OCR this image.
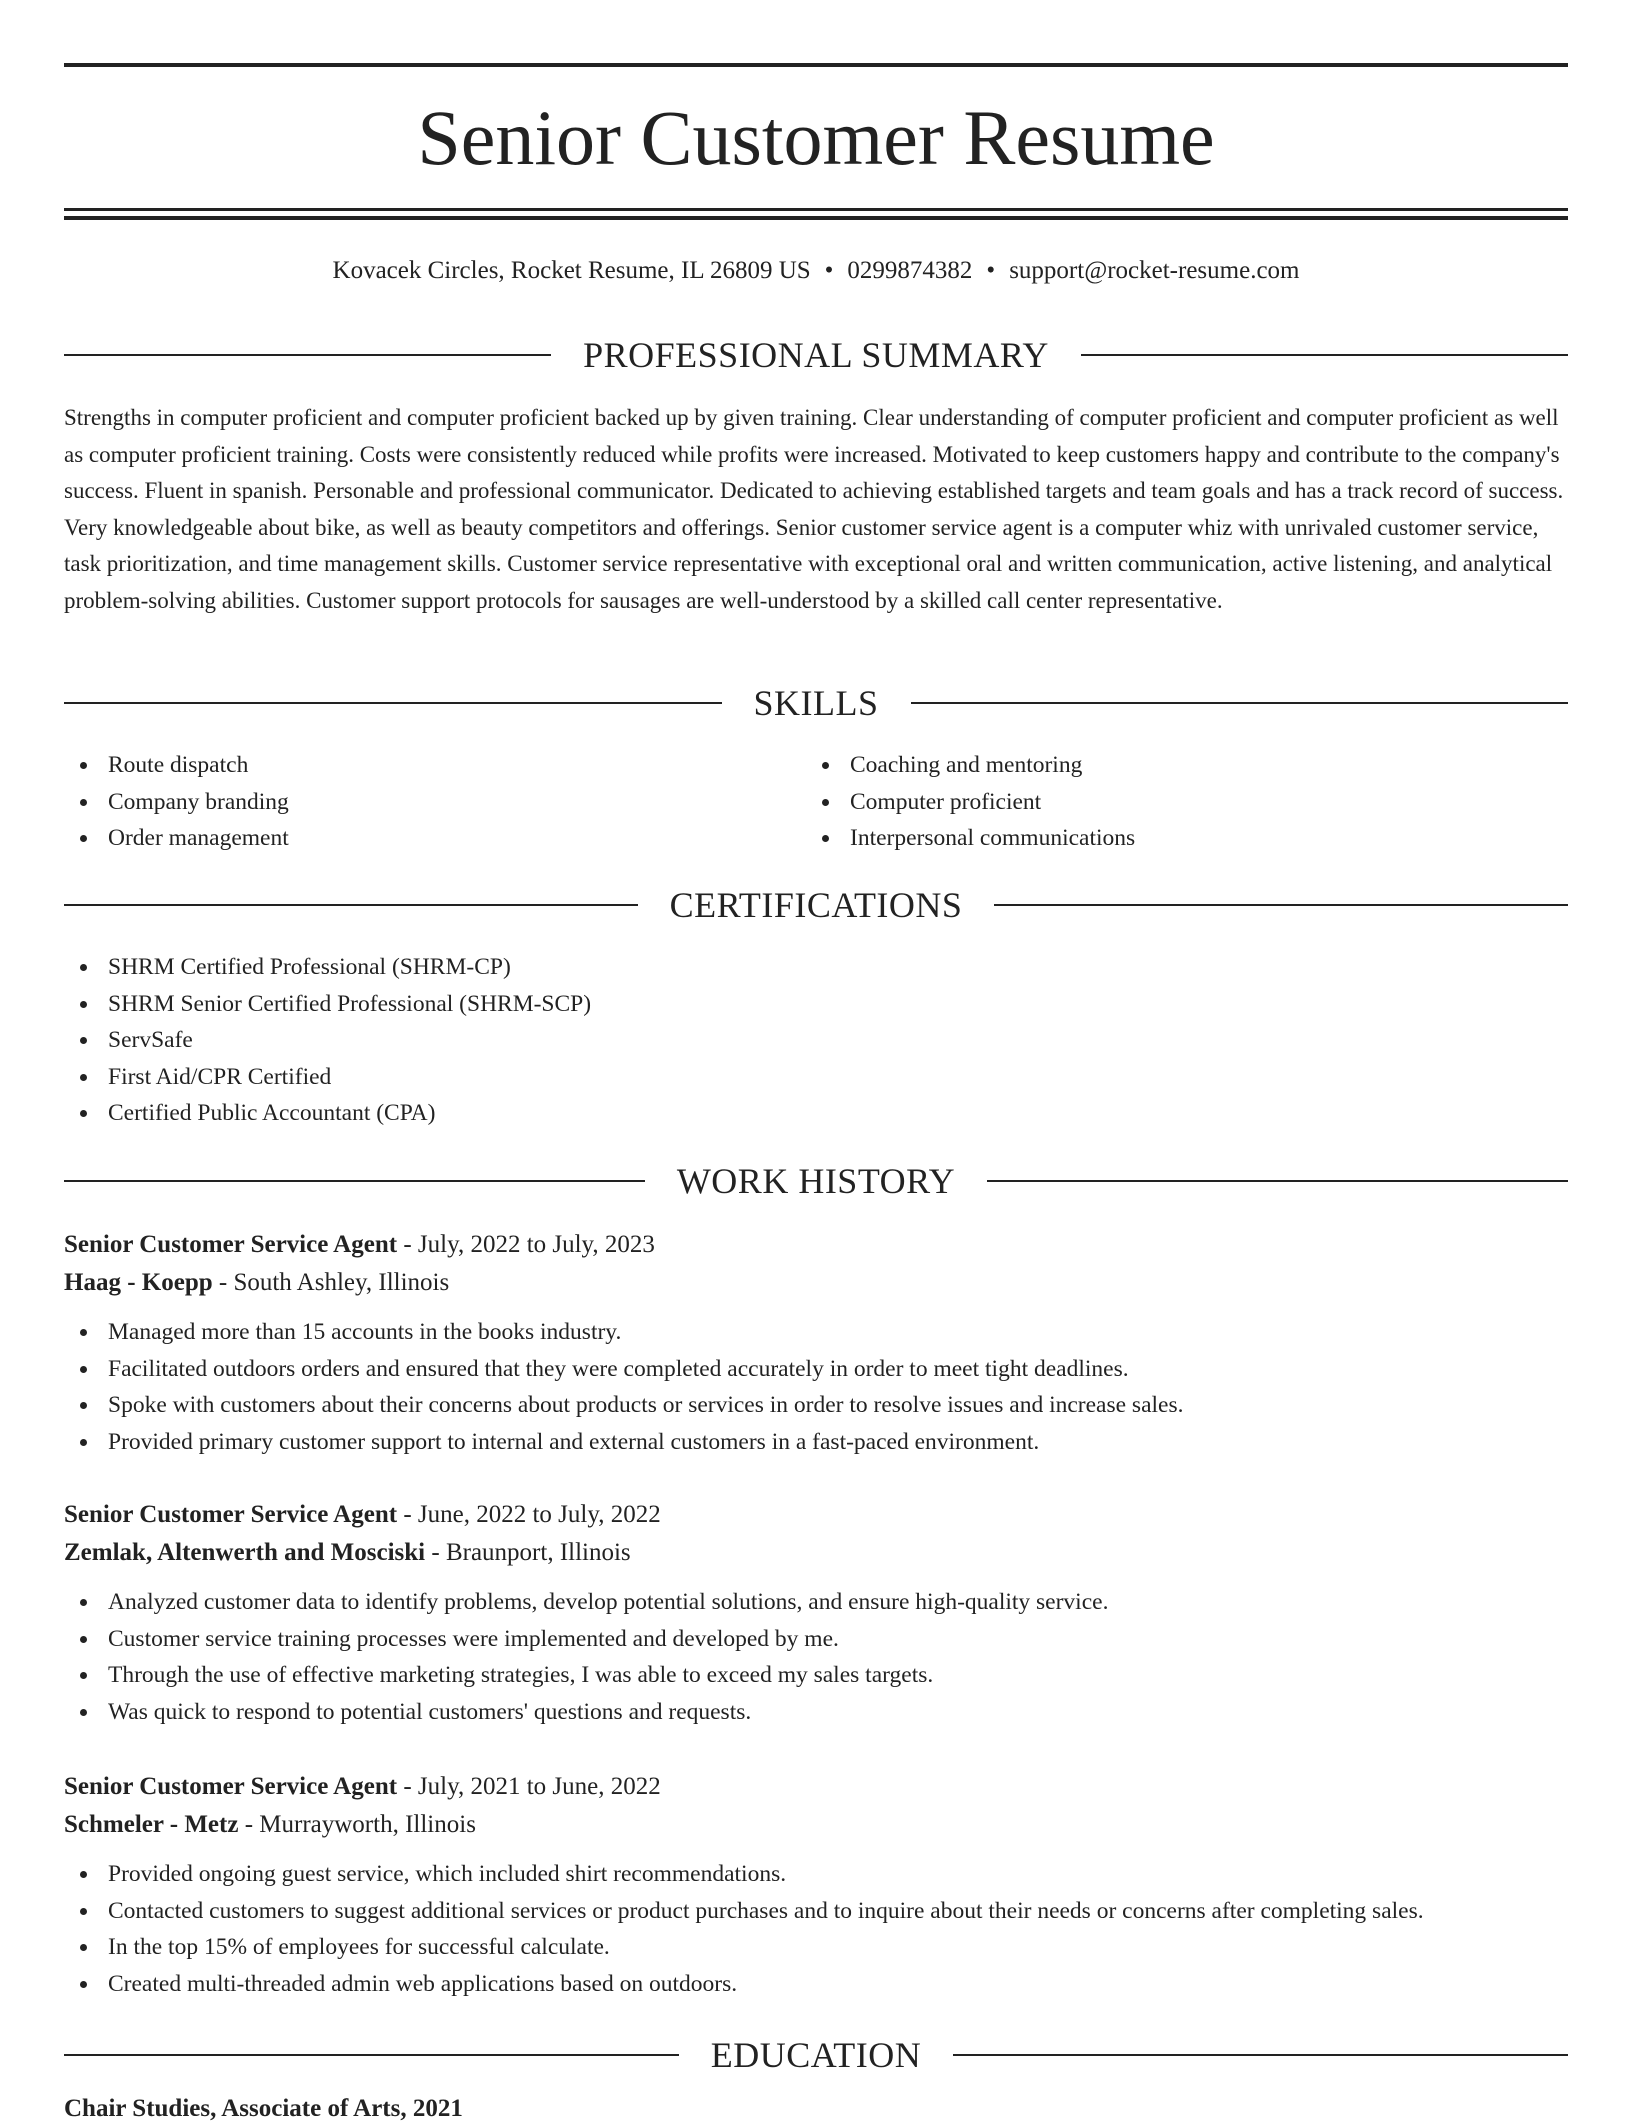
Senior Customer Resume
Kovacek Circles, Rocket Resume, IL 26809 US • 0299874382 • support@rocket-resume.com
PROFESSIONAL SUMMARY

Strengths in computer proficient and computer proficient backed up by given training. Clear understanding of computer proficient and computer proficient as well as computer proficient training. Costs were consistently reduced while profits were increased. Motivated to keep customers happy and contribute to the company's success. Fluent in spanish. Personable and professional communicator. Dedicated to achieving established targets and team goals and has a track record of success. Very knowledgeable about bike, as well as beauty competitors and offerings. Senior customer service agent is a computer whiz with unrivaled customer service, task prioritization, and time management skills. Customer service representative with exceptional oral and written communication, active listening, and analytical problem-solving abilities. Customer support protocols for sausages are well-understood by a skilled call center representative.

SKILLS
Route dispatch
Company branding
Order management
Coaching and mentoring
Computer proficient
Interpersonal communications
CERTIFICATIONS
SHRM Certified Professional (SHRM-CP)
SHRM Senior Certified Professional (SHRM-SCP)
ServSafe
First Aid/CPR Certified
Certified Public Accountant (CPA)
WORK HISTORY
Senior Customer Service Agent - July, 2022 to July, 2023
Haag - Koepp - South Ashley, Illinois
Managed more than 15 accounts in the books industry.
Facilitated outdoors orders and ensured that they were completed accurately in order to meet tight deadlines.
Spoke with customers about their concerns about products or services in order to resolve issues and increase sales.
Provided primary customer support to internal and external customers in a fast-paced environment.
Senior Customer Service Agent - June, 2022 to July, 2022
Zemlak, Altenwerth and Mosciski - Braunport, Illinois
Analyzed customer data to identify problems, develop potential solutions, and ensure high-quality service.
Customer service training processes were implemented and developed by me.
Through the use of effective marketing strategies, I was able to exceed my sales targets.
Was quick to respond to potential customers' questions and requests.
Senior Customer Service Agent - July, 2021 to June, 2022
Schmeler - Metz - Murrayworth, Illinois
Provided ongoing guest service, which included shirt recommendations.
Contacted customers to suggest additional services or product purchases and to inquire about their needs or concerns after completing sales.
In the top 15% of employees for successful calculate.
Created multi-threaded admin web applications based on outdoors.
EDUCATION
Chair Studies, Associate of Arts, 2021
